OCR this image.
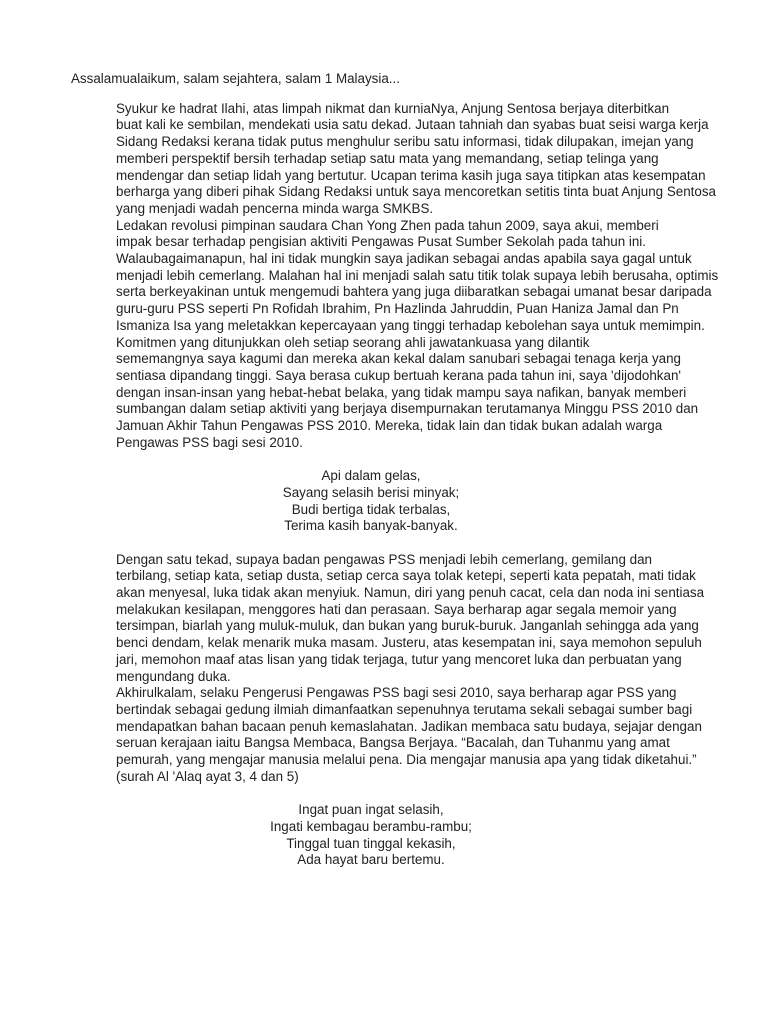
Assalamualaikum, salam sejahtera, salam 1 Malaysia...

Syukur ke hadrat Ilahi, atas limpah nikmat dan kurniaNya, Anjung Sentosa berjaya diterbitkan
buat kali ke sembilan, mendekati usia satu dekad. Jutaan tahniah dan syabas buat seisi warga kerja
Sidang Redaksi kerana tidak putus menghulur seribu satu informasi, tidak dilupakan, imejan yang
memberi perspektif bersih terhadap setiap satu mata yang memandang, setiap telinga yang
mendengar dan setiap lidah yang bertutur. Ucapan terima kasih juga saya titipkan atas kesempatan
berharga yang diberi pihak Sidang Redaksi untuk saya mencoretkan setitis tinta buat Anjung Sentosa
yang menjadi wadah pencerna minda warga SMKBS.

Ledakan revolusi pimpinan saudara Chan Yong Zhen pada tahun 2009, saya akui, memberi
impak besar terhadap pengisian aktiviti Pengawas Pusat Sumber Sekolah pada tahun ini.
Walaubagaimanapun, hal ini tidak mungkin saya jadikan sebagai andas apabila saya gagal untuk
menjadi lebih cemerlang. Malahan hal ini menjadi salah satu titik tolak supaya lebih berusaha, optimis
serta berkeyakinan untuk mengemudi bahtera yang juga diibaratkan sebagai umanat besar daripada
guru-guru PSS seperti Pn Rofidah Ibrahim, Pn Hazlinda Jahruddin, Puan Haniza Jamal dan Pn
Ismaniza Isa yang meletakkan kepercayaan yang tinggi terhadap kebolehan saya untuk memimpin.

Komitmen yang ditunjukkan oleh setiap seorang ahli jawatankuasa yang dilantik
sememangnya saya kagumi dan mereka akan kekal dalam sanubari sebagai tenaga kerja yang
sentiasa dipandang tinggi. Saya berasa cukup bertuah kerana pada tahun ini, saya 'dijodohkan'
dengan insan-insan yang hebat-hebat belaka, yang tidak mampu saya nafikan, banyak memberi
sumbangan dalam setiap aktiviti yang berjaya disempurnakan terutamanya Minggu PSS 2010 dan
Jamuan Akhir Tahun Pengawas PSS 2010. Mereka, tidak lain dan tidak bukan adalah warga
Pengawas PSS bagi sesi 2010.

Api dalam gelas,
Sayang selasih berisi minyak;
Budi bertiga tidak terbalas,
Terima kasih banyak-banyak.

Dengan satu tekad, supaya badan pengawas PSS menjadi lebih cemerlang, gemilang dan
terbilang, setiap kata, setiap dusta, setiap cerca saya tolak ketepi, seperti kata pepatah, mati tidak
akan menyesal, luka tidak akan menyiuk. Namun, diri yang penuh cacat, cela dan noda ini sentiasa
melakukan kesilapan, menggores hati dan perasaan. Saya berharap agar segala memoir yang
tersimpan, biarlah yang muluk-muluk, dan bukan yang buruk-buruk. Janganlah sehingga ada yang
benci dendam, kelak menarik muka masam. Justeru, atas kesempatan ini, saya memohon sepuluh
jari, memohon maaf atas lisan yang tidak terjaga, tutur yang mencoret luka dan perbuatan yang
mengundang duka.

Akhirulkalam, selaku Pengerusi Pengawas PSS bagi sesi 2010, saya berharap agar PSS yang
bertindak sebagai gedung ilmiah dimanfaatkan sepenuhnya terutama sekali sebagai sumber bagi
mendapatkan bahan bacaan penuh kemaslahatan. Jadikan membaca satu budaya, sejajar dengan
seruan kerajaan iaitu Bangsa Membaca, Bangsa Berjaya. “Bacalah, dan Tuhanmu yang amat
pemurah, yang mengajar manusia melalui pena. Dia mengajar manusia apa yang tidak diketahui.”
(surah Al 'Alaq ayat 3, 4 dan 5)

Ingat puan ingat selasih,
Ingati kembagau berambu-rambu;
Tinggal tuan tinggal kekasih,
Ada hayat baru bertemu.
